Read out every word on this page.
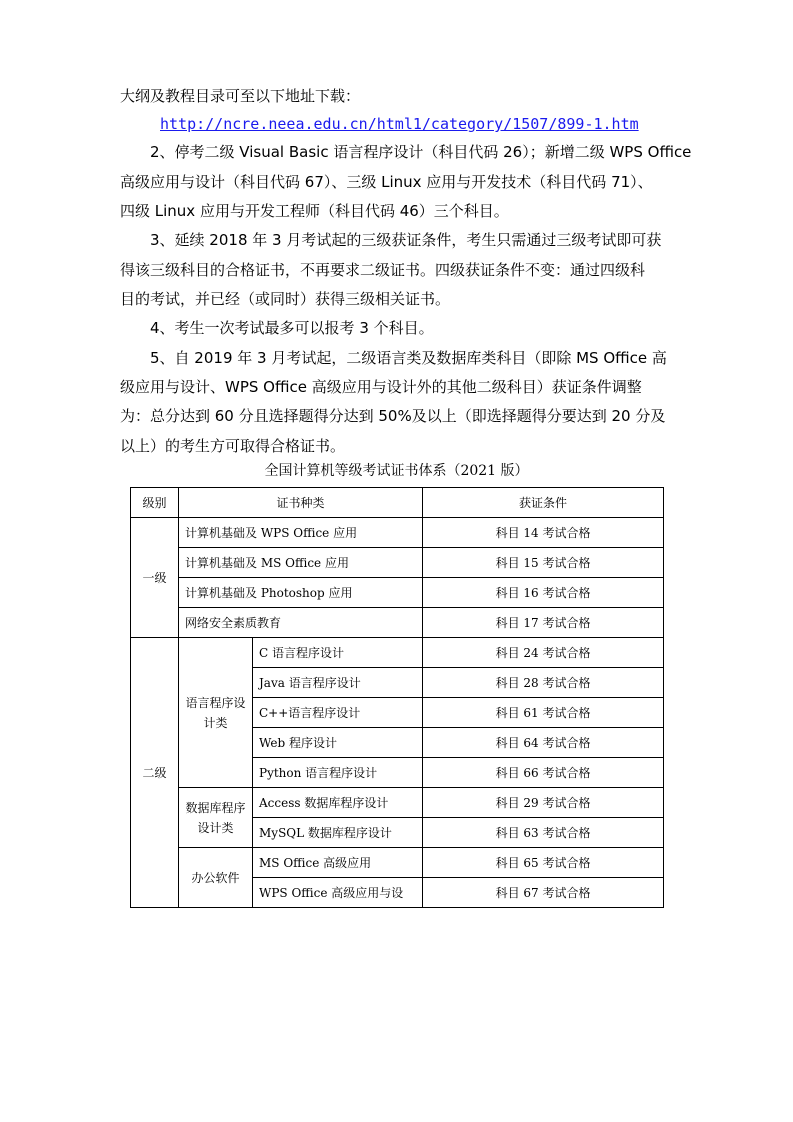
大纲及教程目录可至以下地址下载：
http://ncre.neea.edu.cn/html1/category/1507/899-1.htm
2、停考二级 Visual Basic 语言程序设计（科目代码 26）；新增二级 WPS Office
高级应用与设计（科目代码 67）、三级 Linux 应用与开发技术（科目代码 71）、
四级 Linux 应用与开发工程师（科目代码 46）三个科目。
3、延续 2018 年 3 月考试起的三级获证条件，考生只需通过三级考试即可获
得该三级科目的合格证书，不再要求二级证书。四级获证条件不变：通过四级科
目的考试，并已经（或同时）获得三级相关证书。
4、考生一次考试最多可以报考 3 个科目。
5、自 2019 年 3 月考试起，二级语言类及数据库类科目（即除 MS Office 高
级应用与设计、WPS Office 高级应用与设计外的其他二级科目）获证条件调整
为：总分达到 60 分且选择题得分达到 50%及以上（即选择题得分要达到 20 分及
以上）的考生方可取得合格证书。
全国计算机等级考试证书体系（2021 版）
级别	证书种类		获证条件
一级	计算机基础及 WPS Office 应用		科目 14 考试合格
	计算机基础及 MS Office 应用		科目 15 考试合格
	计算机基础及 Photoshop 应用		科目 16 考试合格
	网络安全素质教育		科目 17 考试合格
二级	语言程序设计类	C 语言程序设计	科目 24 考试合格
		Java 语言程序设计	科目 28 考试合格
		C++语言程序设计	科目 61 考试合格
		Web 程序设计	科目 64 考试合格
		Python 语言程序设计	科目 66 考试合格
	数据库程序设计类	Access 数据库程序设计	科目 29 考试合格
		MySQL 数据库程序设计	科目 63 考试合格
	办公软件	MS Office 高级应用	科目 65 考试合格
		WPS Office 高级应用与设	科目 67 考试合格
